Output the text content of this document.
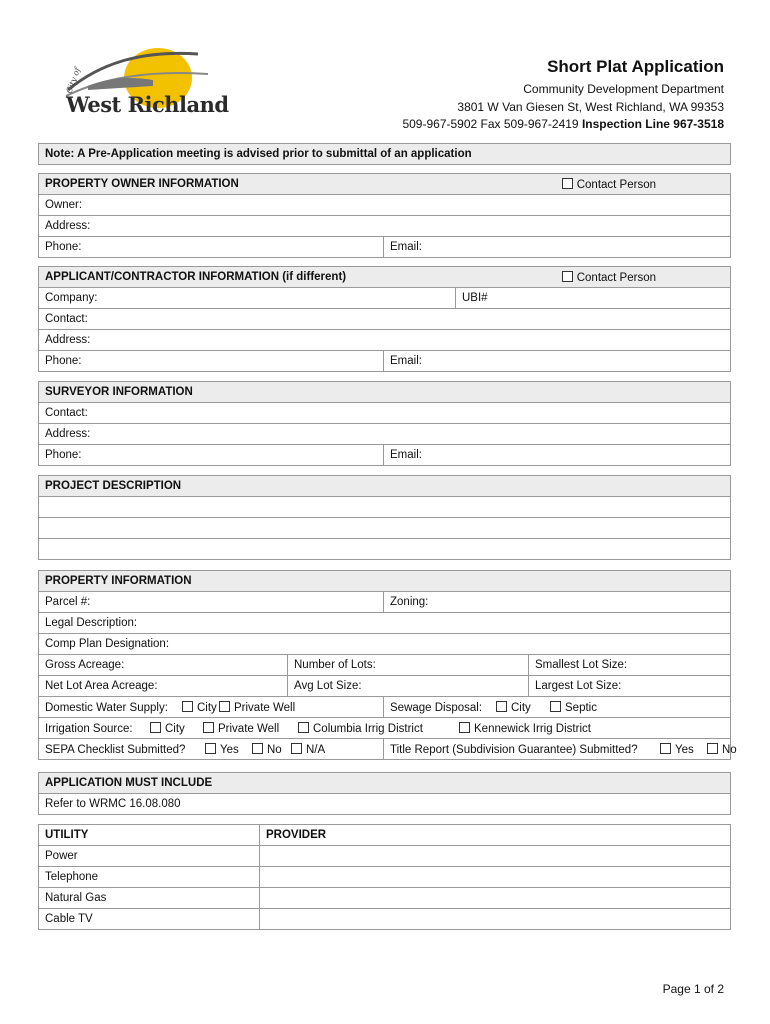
City of
West Richland
Short Plat Application
Community Development Department
3801 W Van Giesen St, West Richland, WA 99353
509-967-5902 Fax 509-967-2419 Inspection Line 967-3518
Note: A Pre-Application meeting is advised prior to submittal of an application
PROPERTY OWNER INFORMATION	Contact Person

Owner:
Address:
Phone:	Email:
APPLICANT/CONTRACTOR INFORMATION (if different) Contact Person		

Company:		UBI#
Contact:		
Address:		
Phone:	Email:	
SURVEYOR INFORMATION
Contact:
Address:
Phone:	Email:
PROJECT DESCRIPTION

PROPERTY INFORMATION			
Parcel #:		Zoning:	
Legal Description:			
Comp Plan Designation:			
Gross Acreage:	Number of Lots:		Smallest Lot Size:
Net Lot Area Acreage:	Avg Lot Size:		Largest Lot Size:
Domestic Water Supply: City Private Well		Sewage Disposal: City Septic	
Irrigation Source: City Private Well Columbia Irrig District Kennewick Irrig District			
SEPA Checklist Submitted? Yes No N/A		Title Report (Subdivision Guarantee) Submitted? Yes No	
APPLICATION MUST INCLUDE
Refer to WRMC 16.08.080
UTILITY	PROVIDER
Power	
Telephone	
Natural Gas	
Cable TV	
Page 1 of 2
